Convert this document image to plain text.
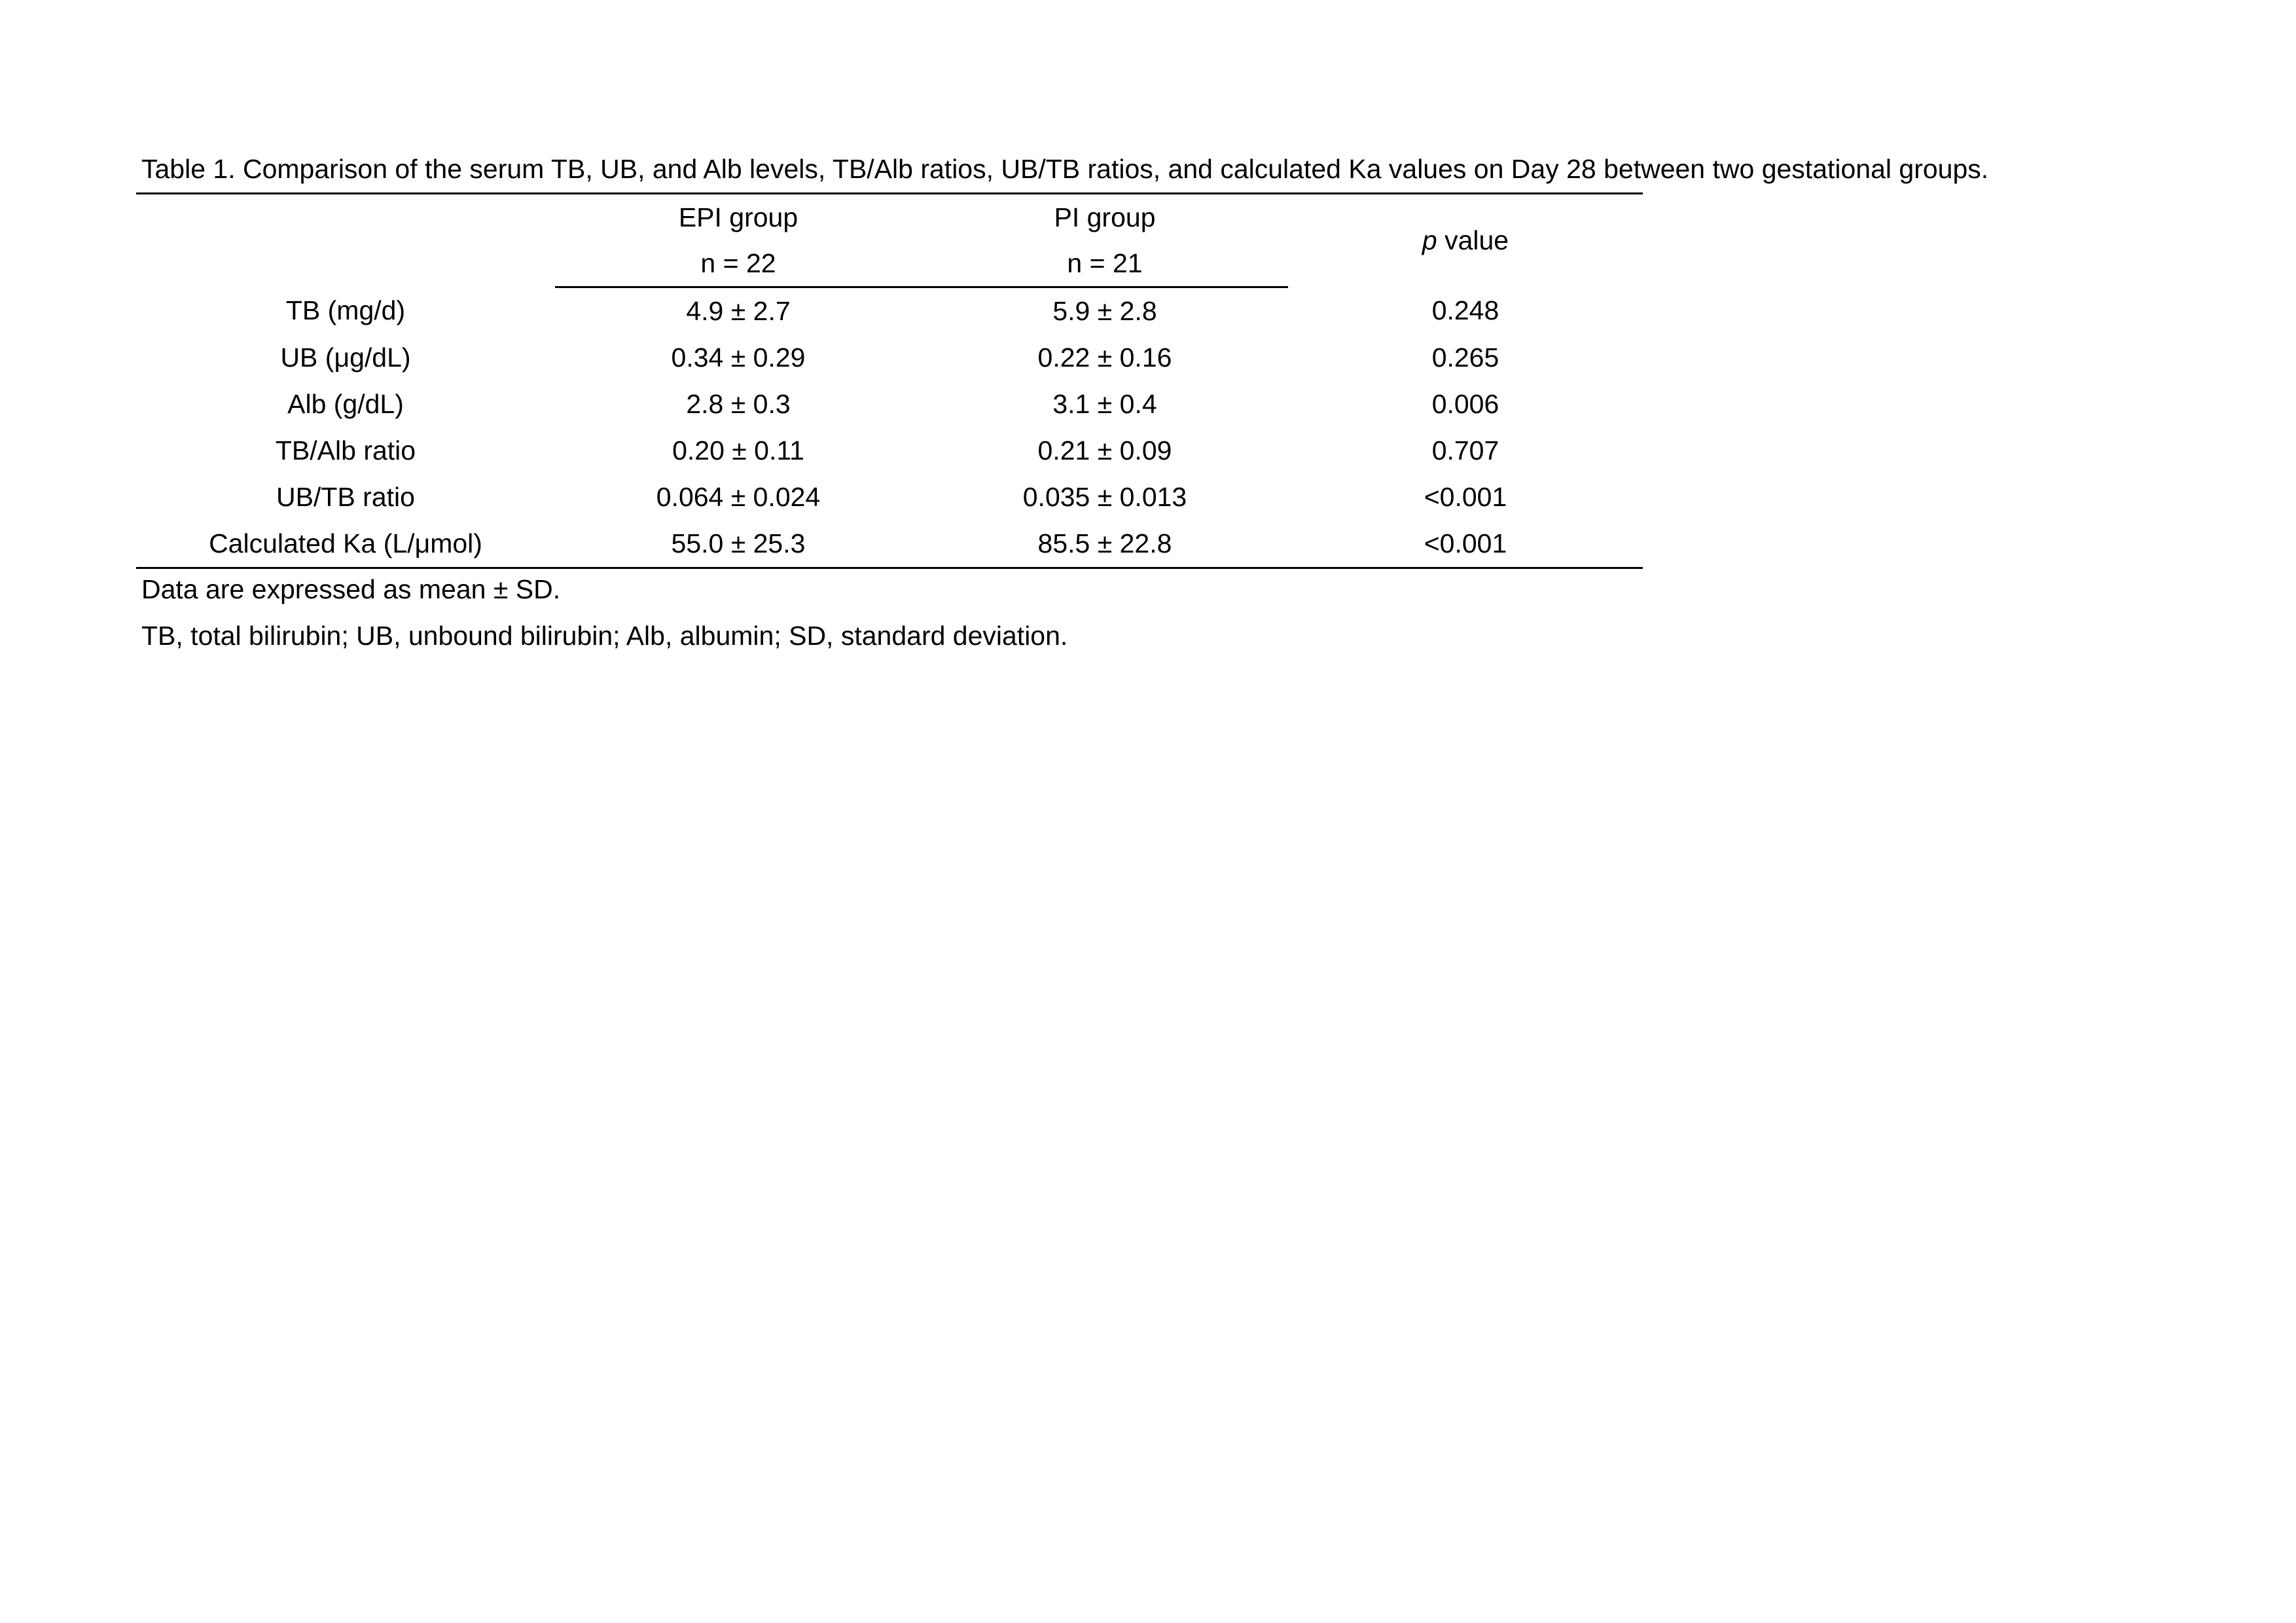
Table 1. Comparison of the serum TB, UB, and Alb levels, TB/Alb ratios, UB/TB ratios, and calculated Ka values on Day 28 between two gestational groups.

	EPI group	PI group	p value
	n = 22	n = 21	
TB (mg/d)	4.9 ± 2.7	5.9 ± 2.8	0.248
UB (μg/dL)	0.34 ± 0.29	0.22 ± 0.16	0.265
Alb (g/dL)	2.8 ± 0.3	3.1 ± 0.4	0.006
TB/Alb ratio	0.20 ± 0.11	0.21 ± 0.09	0.707
UB/TB ratio	0.064 ± 0.024	0.035 ± 0.013	<0.001
Calculated Ka (L/μmol)	55.0 ± 25.3	85.5 ± 22.8	<0.001

Data are expressed as mean ± SD.

TB, total bilirubin; UB, unbound bilirubin; Alb, albumin; SD, standard deviation.
